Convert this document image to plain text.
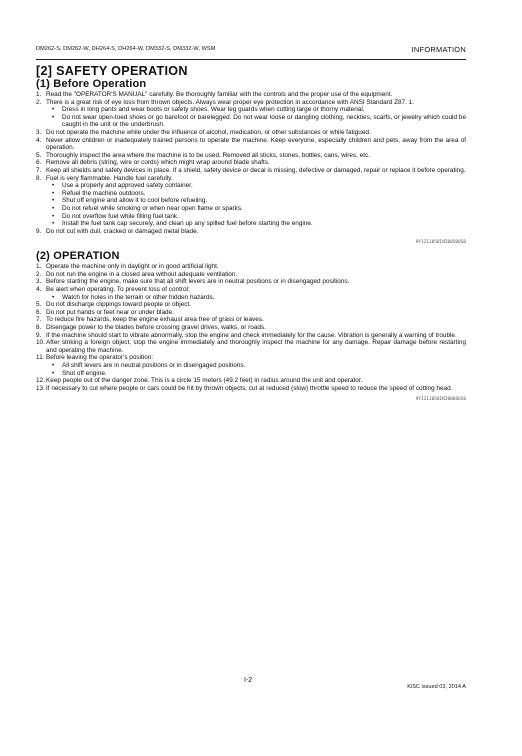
DM262-S, DM262-W, DH264-S, DH264-W, DM332-S, DM332-W, WSM	INFORMATION
[2] SAFETY OPERATION
(1) Before Operation
1. Read the "OPERATOR'S MANUAL" carefully. Be thoroughly familiar with the controls and the proper use of the equipment.
2. There is a great risk of eye loss from thrown objects. Always wear proper eye protection in accordance with ANSI Standard Z87. 1.
• Dress in long pants and wear boots or safety shoes. Wear leg guards when cutting large or thorny material.
• Do not wear open-toed shoes or go barefoot or barelegged. Do not wear loose or dangling clothing, neckties, scarfs, or jewelry which could be caught in the unit or the underbrush.
3. Do not operate the machine while under the influence of alcohol, medication, or other substances or while fatigued.
4. Never allow children or inadequately trained persons to operate the machine. Keep everyone, especially children and pets, away from the area of operation.
5. Thoroughly inspect the area where the machine is to be used. Removed all sticks, stones, bottles, cans, wires, etc.
6. Remove all debris (string, wire or cords) which might wrap around blade shafts.
7. Keep all shields and safety devices in place. If a shield, safety device or decal is missing, defective or damaged, repair or replace it before operating.
8. Fuel is very flammable. Handle fuel carefully.
• Use a properly and approved safety container.
• Refuel the machine outdoors.
• Shut off engine and allow it to cool before refueling.
• Do not refuel while smoking or when near open flame or sparks.
• Do not overflow fuel while filling fuel tank.
• Install the fuel tank cap securely, and clean up any spilled fuel before starting the engine.
9. Do not cut with dull, cracked or damaged metal blade.
9Y1211050INI0050US0
(2) OPERATION
1. Operate the machine only in daylight or in good artificial light.
2. Do not run the engine in a closed area without adequate ventilation.
3. Before starting the engine, make sure that all shift levers are in neutral positions or in disengaged positions.
4. Be alert when operating. To prevent loss of control:
• Watch for holes in the terrain or other hidden hazards.
5. Do not discharge clippings toward people or object.
6. Do not put hands or feet near or under blade.
7. To reduce fire hazards, keep the engine exhaust area free of grass or leaves.
8. Disengage power to the blades before crossing gravel drives, walks, or roads.
9. If the machine should start to vibrate abnormally, stop the engine and check immediately for the cause. Vibration is generally a warning of trouble.
10. After striking a foreign object, stop the engine immediately and thoroughly inspect the machine for any damage. Repair damage before restarting and operating the machine.
11. Before leaving the operator's position:
• All shift levers are in neutral positions or in disengaged positions.
• Shut off engine.
12. Keep people out of the danger zone. This is a circle 15 meters (49.2 feet) in radius around the unit and operator.
13. If necessary to cut where people or cars could be hit by thrown objects, cut at reduced (slow) throttle speed to reduce the speed of cutting head.
9Y1211050INI0060US0
I-2
KiSC issued 03, 2014 A
